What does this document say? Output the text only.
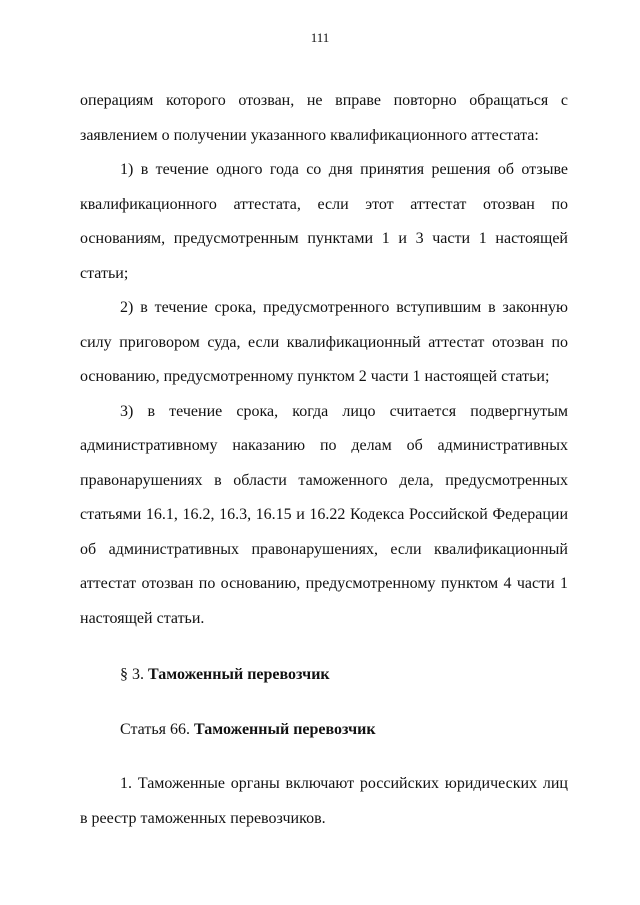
111

операциям которого отозван, не вправе повторно обращаться с заявлением о получении указанного квалификационного аттестата:

1) в течение одного года со дня принятия решения об отзыве квалификационного аттестата, если этот аттестат отозван по основаниям, предусмотренным пунктами 1 и 3 части 1 настоящей статьи;

2) в течение срока, предусмотренного вступившим в законную силу приговором суда, если квалификационный аттестат отозван по основанию, предусмотренному пунктом 2 части 1 настоящей статьи;

3) в течение срока, когда лицо считается подвергнутым административному наказанию по делам об административных правонарушениях в области таможенного дела, предусмотренных статьями 16.1, 16.2, 16.3, 16.15 и 16.22 Кодекса Российской Федерации об административных правонарушениях, если квалификационный аттестат отозван по основанию, предусмотренному пунктом 4 части 1 настоящей статьи.

§ 3. Таможенный перевозчик

Статья 66. Таможенный перевозчик

1. Таможенные органы включают российских юридических лиц в реестр таможенных перевозчиков.
